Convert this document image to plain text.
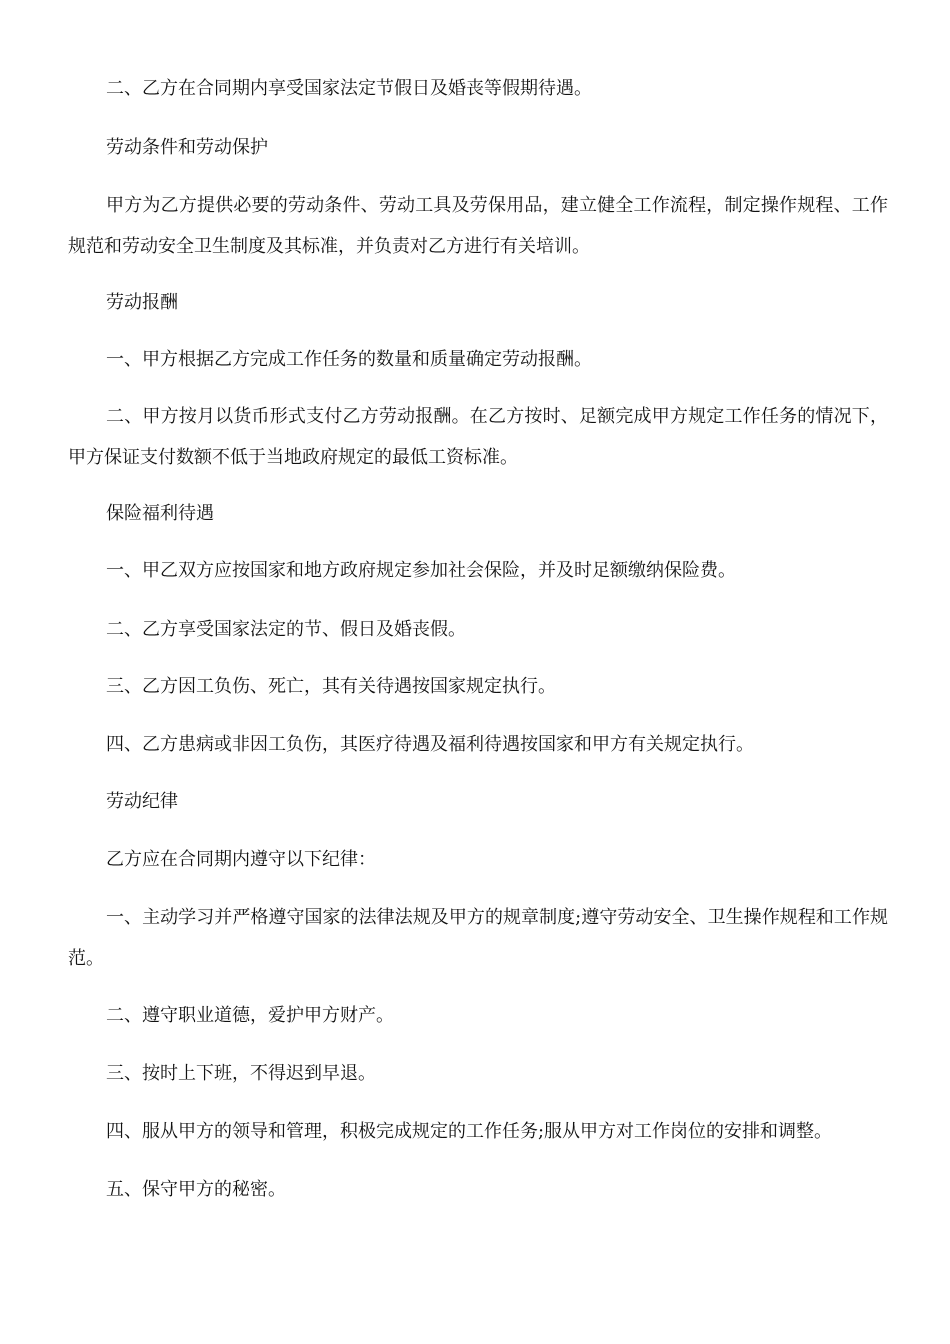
二、乙方在合同期内享受国家法定节假日及婚丧等假期待遇。

劳动条件和劳动保护

甲方为乙方提供必要的劳动条件、劳动工具及劳保用品，建立健全工作流程，制定操作规程、工作规范和劳动安全卫生制度及其标准，并负责对乙方进行有关培训。

劳动报酬

一、甲方根据乙方完成工作任务的数量和质量确定劳动报酬。

二、甲方按月以货币形式支付乙方劳动报酬。在乙方按时、足额完成甲方规定工作任务的情况下，甲方保证支付数额不低于当地政府规定的最低工资标准。

保险福利待遇

一、甲乙双方应按国家和地方政府规定参加社会保险，并及时足额缴纳保险费。

二、乙方享受国家法定的节、假日及婚丧假。

三、乙方因工负伤、死亡，其有关待遇按国家规定执行。

四、乙方患病或非因工负伤，其医疗待遇及福利待遇按国家和甲方有关规定执行。

劳动纪律

乙方应在合同期内遵守以下纪律：

一、主动学习并严格遵守国家的法律法规及甲方的规章制度;遵守劳动安全、卫生操作规程和工作规范。

二、遵守职业道德，爱护甲方财产。

三、按时上下班，不得迟到早退。

四、服从甲方的领导和管理，积极完成规定的工作任务;服从甲方对工作岗位的安排和调整。

五、保守甲方的秘密。
